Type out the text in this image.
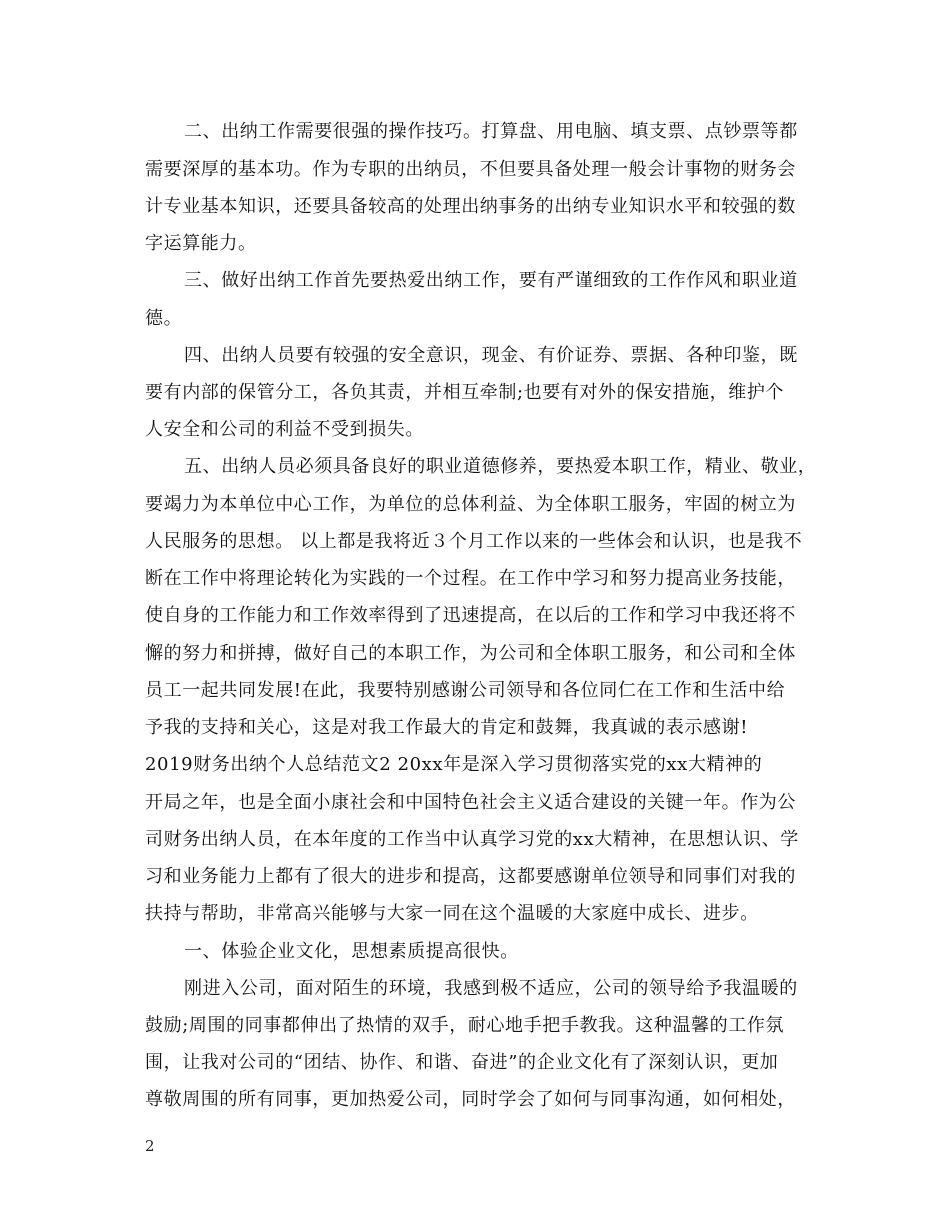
二、出纳工作需要很强的操作技巧。打算盘、用电脑、填支票、点钞票等都
需要深厚的基本功。作为专职的出纳员，不但要具备处理一般会计事物的财务会
计专业基本知识，还要具备较高的处理出纳事务的出纳专业知识水平和较强的数
字运算能力。
三、做好出纳工作首先要热爱出纳工作，要有严谨细致的工作作风和职业道
德。
四、出纳人员要有较强的安全意识，现金、有价证券、票据、各种印鉴，既
要有内部的保管分工，各负其责，并相互牵制;也要有对外的保安措施，维护个
人安全和公司的利益不受到损失。
五、出纳人员必须具备良好的职业道德修养，要热爱本职工作，精业、敬业，
要竭力为本单位中心工作，为单位的总体利益、为全体职工服务，牢固的树立为
人民服务的思想。 以上都是我将近３个月工作以来的一些体会和认识，也是我不
断在工作中将理论转化为实践的一个过程。在工作中学习和努力提高业务技能，
使自身的工作能力和工作效率得到了迅速提高，在以后的工作和学习中我还将不
懈的努力和拼搏，做好自己的本职工作，为公司和全体职工服务，和公司和全体
员工一起共同发展!在此，我要特别感谢公司领导和各位同仁在工作和生活中给
予我的支持和关心，这是对我工作最大的肯定和鼓舞，我真诚的表示感谢!
2019财务出纳个人总结范文2 20xx年是深入学习贯彻落实党的xx大精神的
开局之年，也是全面小康社会和中国特色社会主义适合建设的关键一年。作为公
司财务出纳人员，在本年度的工作当中认真学习党的xx大精神，在思想认识、学
习和业务能力上都有了很大的进步和提高，这都要感谢单位领导和同事们对我的
扶持与帮助，非常高兴能够与大家一同在这个温暖的大家庭中成长、进步。
一、体验企业文化，思想素质提高很快。
刚进入公司，面对陌生的环境，我感到极不适应，公司的领导给予我温暖的
鼓励;周围的同事都伸出了热情的双手，耐心地手把手教我。这种温馨的工作氛
围，让我对公司的“团结、协作、和谐、奋进”的企业文化有了深刻认识，更加
尊敬周围的所有同事，更加热爱公司，同时学会了如何与同事沟通，如何相处，
2
